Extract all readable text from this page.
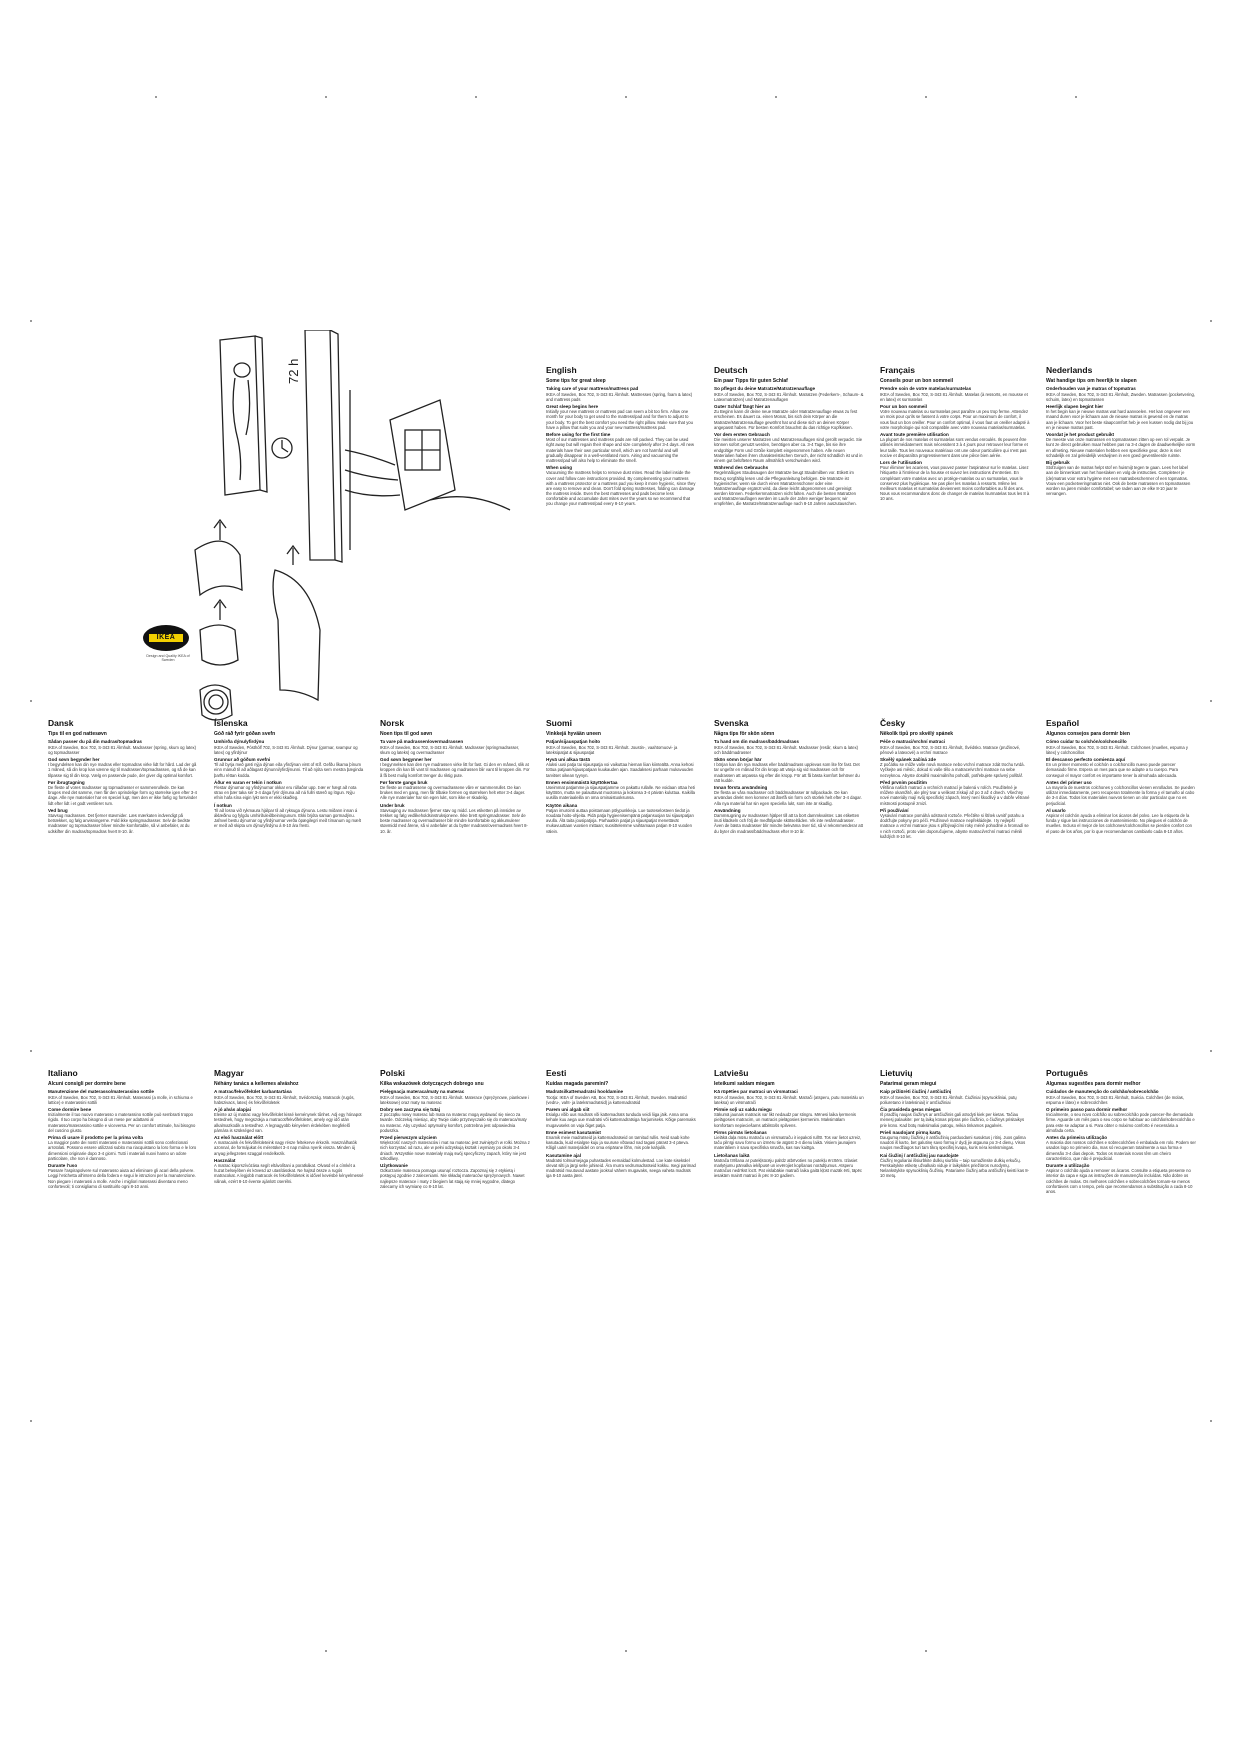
72 h
IKEA
Design and Quality IKEA of Sweden
English
Some tips for great sleep
Taking care of your mattress/mattress pad

IKEA of Sweden, Box 702, S-343 81 Älmhult. Mattresses (spring, foam & latex) and mattress pads

Great sleep begins here

Initially your new mattress or mattress pad can seem a bit too firm. Allow one month for your body to get used to the mattress/pad and for them to adjust to your body. To get the best comfort you need the right pillow. Make sure that you have a pillow that suits you and your new mattress/mattress pad.

Before using for the first time

Most of our mattresses and mattress pads are roll packed. They can be used right away but will regain their shape and size completely after 3-4 days. All new materials have their own particular smell, which are not harmful and will gradually disappear in a well-ventilated room. Airing and vacuuming the mattress/pad will also help to eliminate the smell.

When using

Vacuuming the mattress helps to remove dust mites. Read the label inside the cover and follow care instructions provided. By complementing your mattress with a mattress protector or a mattress pad you keep it more hygienic, since they are easy to remove and clean. Don't fold spring mattresses, folding can damage the mattress inside. Even the best mattresses and pads become less comfortable and accumulate dust mites over the years so we recommend that you change your mattress/pad every 8-10 years.

Deutsch
Ein paar Tipps für guten Schlaf
So pflegst du deine Matratze/Matratzenauflage

IKEA of Sweden, Box 702, S-343 81 Älmhult. Matratzen (Federkern-, Schaum- & Latexmatratzen) und Matratzenauflagen

Guter Schlaf fängt hier an

Zu Beginn kann dir deine neue Matratze oder Matratzenauflage etwas zu fest erscheinen. Es dauert ca. einen Monat, bis sich dein Körper an die Matratze/Matratzenauflage gewöhnt hat und diese sich an deinen Körper angepasst haben. Für besten Komfort brauchst du das richtige Kopfkissen.

Vor dem ersten Gebrauch

Die meisten unserer Matratzen und Matratzenauflagen sind gerollt verpackt. Sie können sofort genutzt werden, benötigen aber ca. 3-4 Tage, bis sie ihre endgültige Form und Größe komplett eingenommen haben. Alle neuen Materialien haben ihren charakteristischen Geruch, der nicht schädlich ist und in einem gut belüfteten Raum allmählich verschwinden wird.

Während des Gebrauchs

Regelmäßiges Staubsaugen der Matratze beugt Staubmilben vor. Etikett im Bezug sorgfältig lesen und die Pflegeanleitung befolgen. Die Matratze ist hygienischer, wenn sie durch einen Matratzenschoner oder eine Matratzenauflage ergänzt wird, da diese leicht abgenommen und gereinigt werden können. Federkernmatratzen nicht falten. Auch die besten Matratzen und Matratzenauflagen werden im Laufe der Jahre weniger bequem; wir empfehlen, die Matratze/Matratzenauflage nach 8-10 Jahren auszutauschen.

Français
Conseils pour un bon sommeil
Prendre soin de votre matelas/surmatelas

IKEA of Sweden, Box 702, S-343 81 Älmhult. Matelas (à ressorts, en mousse et en latex) et surmatelas

Pour un bon sommeil

Votre nouveau matelas ou surmatelas peut paraître un peu trop ferme. Attendez un mois pour qu'ils se fassent à votre corps. Pour un maximum de confort, il vous faut un bon oreiller. Pour un confort optimal, il vous faut un oreiller adapté à votre morphologie qui soit compatible avec votre nouveau matelas/surmatelas.

Avant toute première utilisation

La plupart de nos matelas et surmatelas sont vendus enroulés. Ils peuvent être utilisés immédiatement mais nécessitent 3 à 4 jours pour retrouver leur forme et leur taille. Tous les nouveaux matériaux ont une odeur particulière qui n'est pas nocive et disparaîtra progressivement dans une pièce bien aérée.

Lors de l'utilisation

Pour éliminer les acariens, vous pouvez passer l'aspirateur sur le matelas. Lisez l'étiquette à l'intérieur de la housse et suivez les instructions d'entretien. En complétant votre matelas avec un protège-matelas ou un surmatelas, vous le conservez plus hygiénique. Ne pas plier les matelas à ressorts. Même les meilleurs matelas et surmatelas deviennent moins confortables au fil des ans. Nous vous recommandons donc de changer de matelas /surmatelas tous les 8 à 10 ans.

Nederlands
Wat handige tips om heerlijk te slapen
Onderhouden van je matras of topmatras

IKEA of Sweden, Box 702, S-343 81 Älmhult, Zweden. Matrassen (pocketvering, schuim, latex) en topmatrassen

Heerlijk slapen begint hier

In het begin kan je nieuwe matras wat hard aanvoelen. Het kan ongeveer een maand duren voor je lichaam aan de nieuwe matras is gewend en de matras aan je lichaam. Voor het beste slaapcomfort heb je een kussen nodig dat bij jou en je nieuwe matras past.

Voordat je het product gebruikt

De meeste van onze matrassen en topmatrassen zitten op een rol verpakt. Je kunt ze direct gebruiken maar hebben pas na 3-4 dagen de daadwerkelijke vorm en afmeting. Nieuwe materialen hebben een specifieke geur, deze is niet schadelijk en zal geleidelijk verdwijnen in een goed geventileerde ruimte.

Bij gebruik

Stofzuigen van de matras helpt stof en huismijt tegen te gaan. Lees het label aan de binnenkant van het hoeslaken en volg de instructies. Completeer je (de)matras voor extra hygiëne met een matrasbeschermer of een topmatras. Vouw een pocketveringmatras niet. Ook de beste matrassen en topmatrassen worden na jaren minder comfortabel; we raden aan ze elke 8-10 jaar te vervangen.

Dansk
Tips til en god nattesøvn
Sådan passer du på din madras/topmadras

IKEA of Sweden, Box 702, S-343 81 Älmhult. Madrasser (spring, skum og latex) og topmadrasser

God søvn begynder her

I begyndelsen kan din nye madras eller topmadras virke lidt for hård. Lad der gå 1 måned, så din krop kan vænne sig til madrassen/topmadrassen, og så de kan tilpasse sig til din krop. Vælg en passende pude, der giver dig optimal komfort.

Før ibrugtagning

De fleste af vores madrasser og topmadrasser er sammenrullede. De kan bruges med det samme, men får den oprindelige form og størrelse igen efter 3-4 dage. Alle nye materialer har en speciel lugt, men den er ikke farlig og forsvinder lidt efter lidt i et godt ventileret rum.

Ved brug

Støvsug madrassen. Det fjerner støvmider. Læs mærkaten indvendigt på betrækket, og følg anvisningerne. Fold ikke springmadrasser. Selv de bedste madrasser og topmadrasser bliver mindre komfortable, så vi anbefaler, at du udskifter din madras/topmadras hvert 8-10. år.

Íslenska
Góð ráð fyrir góðan svefn
Umhirða dýnu/yfirdýnu

IKEA of Sweden, Pósthólf 702, S-343 81 Älmhult. Dýnur (gormar, svampur og latex) og yfirdýnur

Grunnur að góðum svefni

Til að byrja með gæti nýja dýnan eða yfirdýnan virst of stíf. Gefðu líkama þínum einn mánuð til að aðlagast dýnunni/yfirdýnunni. Til að njóta sem mestra þæginda þarftu réttan kodda.

Áður en varan er tekin í notkun

Flestar dýnurnar og yfirdýnurnar okkar eru rúllaðar upp. Þær er hægt að nota strax en þær taka sér 3-4 daga fyrir dýnuna að ná fullri stærð og lögun. Nýju efnin hafa sína eigin lykt sem er ekki skaðleg.

Í notkun

Til að losna við rykmaura hjálpar til að ryksuga dýnuna. Lestu miðann innan á áklæðinu og fylgdu umhirðuleiðbeiningunum. Ekki brjóta saman gormadýnu. Jafnvel bestu dýnurnar og yfirdýnurnar verða ópægilegri með tímanum og mælt er með að skipta um dýnu/yfirdýnu á 8-10 ára fresti.

Norsk
Noen tips til god søvn
Ta vare på madrassen/overmadrassen

IKEA of Sweden, Box 702, S-343 81 Älmhult. Madrasser (springmadrasser, skum og lateks) og overmadrasser

God søvn begynner her

I begynnelsen kan den nye madrassen virke litt for fast. Gi den en måned, slik at kroppen din kan bli vant til madrassen og madrassen blir vant til kroppen din. For å få best mulig komfort trenger du riktig pute.

Før første gangs bruk

De fleste av madrassene og overmadrassene våre er sammenrullet. De kan brukes med en gang, men får tilbake formen og størrelsen helt etter 3-4 dager. Alle nye materialer har sin egen lukt, som ikke er skadelig.

Under bruk

Støvsuging av madrassen fjerner støv og midd. Les etiketten på innsiden av trekket og følg vedlikeholdsinstruksjonene. Ikke brett springmadrasser. Selv de beste madrasser og overmadrasser blir mindre komfortable og akkumulerer støvmidd med årene, så vi anbefaler at du bytter madrass/overmadrass hvert 8-10. år.

Suomi
Vinkkejä hyvään uneen
Patjan/sijauspatjan hoito

IKEA of Sweden, Box 702, S-343 81 Älmhult. Joustin-, vaahtomuovi- ja lateksipatjat & sijauspatjat

Hyvä uni alkaa tästä

Aluksi uusi patja tai sijauspatja voi vaikuttaa hieman liian kiinteältä. Anna kehosi tottua patjaan/sijauspatjaan kuukauden ajan. Saadaksesi parhaan mukavuuden tarvitset oikean tyynyn.

Ennen ensimmäistä käyttökertaa

Useimmat patjamme ja sijauspatjamme on pakattu rullalle. Ne voidaan ottaa heti käyttöön, mutta ne palauttavat muotonsa ja kokonsa 3-4 päivän kuluttua. Kaikilla uusilla materiaaleilla on oma ominaistuoksunsa.

Käytön aikana

Patjan imurointi auttaa poistamaan pölypunkkeja. Lue tuoteselosteen tiedot ja noudata hoito-ohjeita. Pidä patja hygieenisempänä patjansuojan tai sijauspatjan avulla. Älä taita jousipatjoja. Parhaatkin patjat ja sijauspatjat menettävät mukavuuttaan vuosien mittaan; suosittelemme vaihtamaan patjan 8-10 vuoden välein.

Svenska
Några tips för skön sömn
Ta hand om din madrass/bäddmadrass

IKEA of Sweden, Box 702, S-343 81 Älmhult. Madrasser (resår, skum & latex) och bäddmadrasser

Skön sömn börjar här

I början kan din nya madrass eller bäddmadrass upplevas som lite för fast. Det tar ungefär en månad för din kropp att vänja sig vid madrassen och för madrassen att anpassa sig efter din kropp. För att få bästa komfort behöver du rätt kudde.

Innan första användning

De flesta av våra madrasser och bäddmadrasser är rullpackade. De kan användas direkt men kommer att återfå sin form och storlek helt efter 3-4 dagar. Alla nya material har sin egen speciella lukt, som inte är skadlig.

Användning

Dammsugning av madrassen hjälper till att ta bort dammkvalster. Läs etiketten inuti klädseln och följ de medföljande skötselråden. Vik inte resårmadrasser. Även de bästa madrasser blir mindre bekväma över tid, så vi rekommenderar att du byter din madrass/bäddmadrass efter 8-10 år.

Česky
Několik tipů pro skvělý spánek
Péče o matraci/vrchní matraci

IKEA of Sweden, Box 702, S-343 81 Älmhult, Švédsko. Matrace (pružinové, pěnové a latexové) a vrchní matrace

Skvělý spánek začíná zde

Z počátku se může vaše nová matrace nebo vrchní matrace zdát trochu tvrdá. Vyčkejte asi měsíc, dokud si vaše tělo a matrace/vrchní matrace na sebe nezvyknou. Abyste dosáhli maximálního pohodlí, potřebujete správný polštář.

Před prvním použitím

Většina našich matrací a vrchních matrací je balená v rolích. Použitelné je můžete okamžitě, ale plný tvar a velikost získají až po 3 až 4 dnech. Všechny nové materiály mají svůj specifický zápach, který není škodlivý a v dobře větrané místnosti postupně zmizí.

Při používání

Vysávání matrace pomáhá odstranit roztoče. Přečtěte si štítek uvnitř potahu a dodržujte pokyny pro péči. Pružinové matrace nepřekládejte. I ty nejlepší matrace a vrchní matrace jsou s přibývajícími roky méně pohodlné a hromadí se v nich roztoči, proto vám doporučujeme, abyste matraci/vrchní matraci měnili každých 8-10 let.

Español
Algunos consejos para dormir bien
Cómo cuidar tu colchón/colchoncillo

IKEA of Sweden, Box 702, S-343 81 Älmhult. Colchones (muelles, espuma y látex) y colchoncillos

El descanso perfecto comienza aquí

En un primer momento el colchón o colchoncillo nuevo puede parecer demasiado firme. Espera un mes para que se adapte a tu cuerpo. Para conseguir el mayor confort es importante tener la almohada adecuada.

Antes del primer uso

La mayoría de nuestros colchones y colchoncillos vienen enrollados. Se pueden utilizar inmediatamente, pero recuperan totalmente la forma y el tamaño al cabo de 3-4 días. Todos los materiales nuevos tienen un olor particular que no es perjudicial.

Al usarlo

Aspirar el colchón ayuda a eliminar los ácaros del polvo. Lee la etiqueta de la funda y sigue las instrucciones de mantenimiento. No pliegues el colchón de muelles. Incluso el mejor de los colchones/colchoncillos se pierden confort con el paso de los años, por lo que recomendamos cambiarlo cada 8-10 años.

Italiano
Alcuni consigli per dormire bene
Manutenzione del materasso/materassino sottile

IKEA of Sweden, Box 702, S-343 81 Älmhult. Materassi (a molle, in schiuma e lattice) e materassini sottili

Come dormire bene

Inizialmente il tuo nuovo materasso o materassino sottile può sembrarti troppo rigido. Il tuo corpo ha bisogno di un mese per adattarsi al materasso/materassino sottile e viceversa. Per un comfort ottimale, hai bisogno del cuscino giusto.

Prima di usare il prodotto per la prima volta

La maggior parte dei nostri materassi e materassini sottili sono confezionati arrotolati. Possono essere utilizzati subito ma riacquistano la loro forma e le loro dimensioni originarie dopo 3-4 giorni. Tutti i materiali nuovi hanno un odore particolare, che non è dannoso.

Durante l'uso

Passare l'aspirapolvere sul materasso aiuta ad eliminare gli acari della polvere. Leggi l'etichetta all'interno della fodera e segui le istruzioni per la manutenzione. Non piegare i materassi a molle. Anche i migliori materassi diventano meno confortevoli; ti consigliamo di sostituirlo ogni 8-10 anni.

Magyar
Néhány tanács a kellemes alváshoz
A matrac/fekvőfelület karbantartása

IKEA of Sweden, Box 702, S-343 81 Älmhult, Svédország. Matracok (rugós, habszivacs, latex) és fekvőfelületek

A jó alvás alapjai

Eleinte az új matrac vagy fekvőfelület kissé keménynek tűnhet. Adj egy hónapot testednek, hogy megszokja a matracot/fekvőfelületet, amely egy idő után alkalmazkodik a testedhez. A legnagyobb kényelem érdekében megfelelő párnára is szükséged van.

Az első használat előtt

A matracaink és fekvőfelületeink nagy része feltekerve érkezik. Használhatók azonnal, de formájukat és méretüket 3-4 nap múlva nyerik vissza. Minden új anyag jellegzetes szaggal rendelkezik.

Használat

A matrac kiporszívózása segít eltávolítani a poratkákat. Olvasd el a címkét a huzat belsejében és kövesd az utasításokat. Ne hajtsd össze a rugós matracokat. A legjobb matracok és fekvőfelületek is idővel kevésbé kényelmessé válnak, ezért 8-10 évente ajánlott cserélni.

Polski
Kilka wskazówek dotyczących dobrego snu
Pielęgnacja materaca/maty na materac

IKEA of Sweden, Box 702, S-343 81 Älmhult. Materace (sprężynowe, piankowe i lateksowe) oraz maty na materac

Dobry sen zaczyna się tutaj

Z początku nowy materac lub mata na materac mogą wydawać się nieco za twarde. Odczekaj miesiąc, aby Twoje ciało przyzwyczaiło się do materaca/maty na materac. Aby uzyskać optymalny komfort, potrzebna jest odpowiednia poduszka.

Przed pierwszym użyciem

Większość naszych materaców i mat na materac jest zwiniętych w rolki. Można z nich korzystać od razu, ale w pełni odzyskują kształt i wymiary po około 3-4 dniach. Wszystkie nowe materiały mają swój specyficzny zapach, który nie jest szkodliwy.

Użytkowanie

Odkurzanie materaca pomaga usunąć roztocza. Zapoznaj się z etykietą i postępuj zgodnie z zaleceniami. Nie składaj materaców sprężynowych. Nawet najlepsze materace i maty z biegiem lat stają się mniej wygodne, dlatego zalecamy ich wymianę co 8-10 lat.

Eesti
Kuidas magada paremini?
Madratsi/kattemadratsi hooldamine

Tootja: IKEA of Sweden AB, Box 702, S-343 81 Älmhult, Sweden. Madratsid (vedru-, vaht- ja lateksmadratsid) ja kattemadratsid

Parem uni algab siit

Esialgu võib uus madrats või kattemadrats tunduda veidi liiga jäik. Anna oma kehale kuu aega uue madratsi või kattemadratsiga harjumiseks. Kõige paremaks mugavuseks on vaja õiget patja.

Enne esimest kasutamist

Enamik meie madratseid ja kattemadratseid on tarnitud rullis. Neid saab kohe kasutada, kuid esialgse kuju ja suuruse võtavad nad tagasi pärast 3-4 päeva. Kõigil uutel materjalidel on oma eripärane lõhn, mis pole kahjulik.

Kasutamine ajal

Madratsi tolmuimejaga puhastades eemaldad kolmulestad. Loe kate sisekülel olevat silti ja järgi selle juhiseid. Ära murra vedrumadratseid kokku. Isegi parimad madratsid muutuvad aastate jooksul vähem mugavaks, seega vaheta madrats iga 8-10 aasta järel.

Latviešu
Ieteikumi saldam miegam
Kā rūpēties par matraci un virsmatraci

IKEA of Sweden, Box 702, S-343 81 Älmhult. Matrači (atsperu, putu materiālu un lateksa) un virsmatrači

Pirmie soļi uz saldu miegu

Sākumā jaunais matracis var likt nedaudz par stingru. Mēnesi laika ķermenis pielāgosies matracim, un matracis pielāgosies ķermenim. Maksimālam komfortam nepieciešams atbilstošs spilvens.

Pirms pirmās lietošanas

Lielākā daļa mūsu matraču un virsmatraču ir iepakoti rullītī. Tos var lietot uzreiz, taču pilnīgi savu formu un izmēru tie atgūst 3-4 dienu laikā. Visiem jaunajiem materiāliem ir sava specifiska smarža, kas nav kaitīga.

Lietošanas laikā

Matrača tīrīšana ar putekļsūcēju palīdz atbrīvoties no putekļu ērcītēm. Izlasiet marķējumu pārvalka iekšpusē un ievērojiet kopšanas norādījumus. Atsperu matračus nedrīkst locīt. Pat vislabākie matrači laika gaitā kļūst mazāk ērti, tāpēc iesakām mainīt matraci ik pēc 8-10 gadiem.

Lietuvių
Patarimai geram miegui
Kaip prižiūrėti čiužinį / antčiužinį

IKEA of Sweden, Box 702, S-343 81 Älmhult. Čiužiniai (spyruokliniai, putų poliuretano ir lateksiniai) ir antčiužiniai

Čia prasideda geras miegas

Iš pradžių naujas čiužinys ar antčiužinis gali atrodyti kiek per kietas. Tačiau mėnesį palaukite: per tą laiką kūnas pripras prie čiužinio, o čiužinys prisitaikys prie kūno. Kad būtų maksimaliai patogu, reikia tinkamos pagalvės.

Prieš naudojant pirmą kartą

Daugumą mūsų čiužinių ir antčiužinių parduodami susuktus į ritinį. Juos galima naudoti iš karto, bet galutinę savo formą ir dydį jie atgauna po 3-4 dienų. Visos naujos medžiagos turi tam tikrą specifinį kvapą, kuris nėra kenksmingas.

Kai čiužinį / antčiužinį jau naudojate

Čiužinį reguliariai išsiurbkite dulkių siurbliu – taip sumažinsite dulkių erkučių. Perskaitykite etiketę užvalkalo viduje ir laikykitės priežiūros nurodymų. Nelankstykite spyruoklinių čiužinių. Patariame čiužinį arba antčiužinį keisti kas 8-10 metų.

Português
Algumas sugestões para dormir melhor
Cuidados de manutenção do colchão/sobrecolchão

IKEA of Sweden, Box 702, S-343 81 Älmhult, Suécia. Colchões (de molas, espuma e látex) e sobrecolchões

O primeiro passo para dormir melhor

Inicialmente, o seu novo colchão ou sobrecolchão pode parecer-lhe demasiado firme. Aguarde um mês para o seu corpo se habituar ao colchão/sobrecolchão e para este se adaptar a si. Para obter o máximo conforto é necessária a almofada certa.

Antes da primeira utilização

A maioria dos nossos colchões e sobrecolchões é embalada em rolo. Podem ser usados logo no primeiro dia, mas só recuperam totalmente a sua forma e dimensão 3-4 dias depois. Todos os materiais novos têm um cheiro característico, que não é prejudicial.

Durante a utilização

Aspirar o colchão ajuda a remover os ácaros. Consulte a etiqueta presente no interior da capa e siga as instruções de manutenção incluídas. Não dobre os colchões de molas. Os melhores colchões e sobrecolchões tornam-se menos confortáveis com o tempo, pelo que recomendamos a substituição a cada 8-10 anos.
